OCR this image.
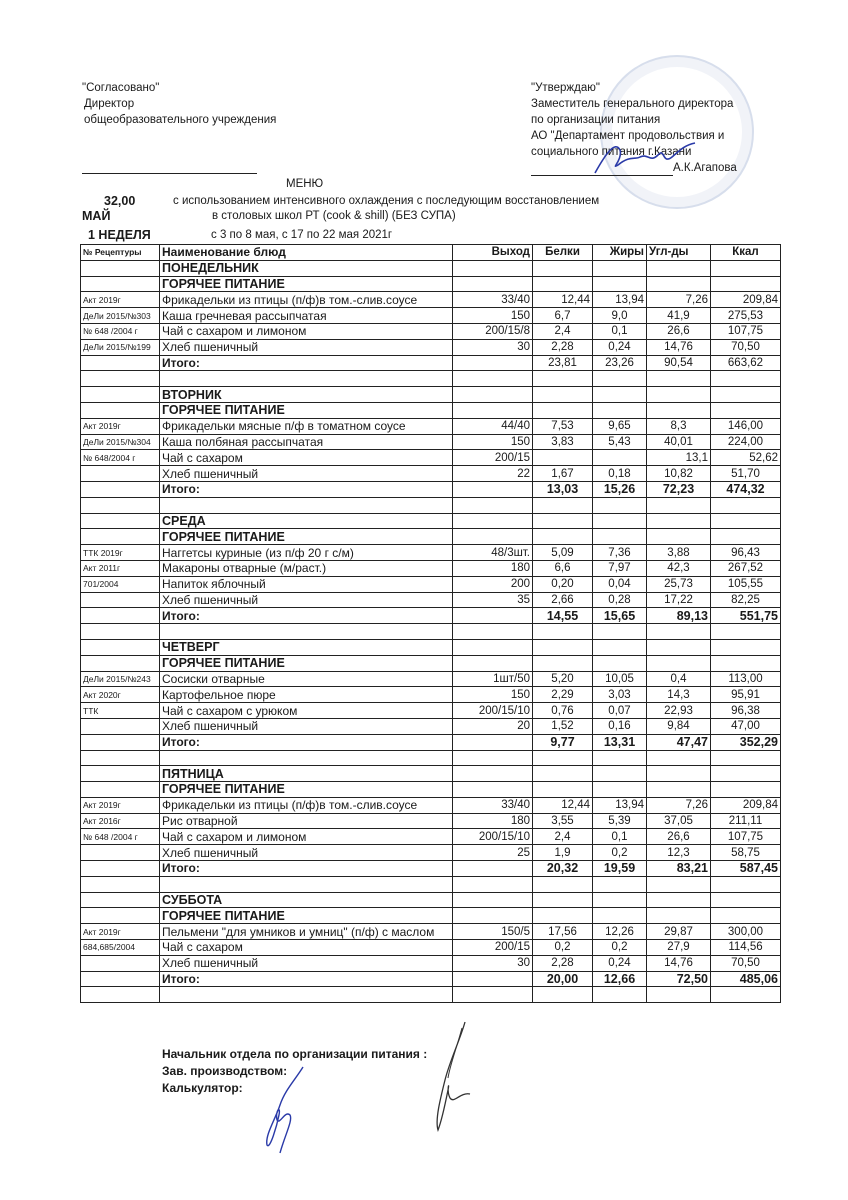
"Согласовано"
Директор
общеобразовательного учреждения
"Утверждаю"
Заместитель генерального директора
по организации питания
АО "Департамент продовольствия и
социального питания г.Казани
А.К.Агапова
МЕНЮ
32,00	с использованием интенсивного охлаждения с последующим восстановлением
МАЙ	в столовых школ РТ (cook & shill) (БЕЗ СУПА)
1 НЕДЕЛЯ	с 3 по 8 мая, с 17 по 22 мая 2021г
№ Рецептуры	Наименование блюд	Выход	Белки	Жиры	Угл-ды	Ккал
	ПОНЕДЕЛЬНИК					
	ГОРЯЧЕЕ ПИТАНИЕ					
Акт 2019г	Фрикадельки из птицы (п/ф)в том.-слив.соусе	33/40	12,44	13,94	7,26	209,84
ДеЛи 2015/№303	Каша гречневая рассыпчатая	150	6,7	9,0	41,9	275,53
№ 648 /2004 г	Чай с сахаром и лимоном	200/15/8	2,4	0,1	26,6	107,75
ДеЛи 2015/№199	Хлеб пшеничный	30	2,28	0,24	14,76	70,50
	Итого:		23,81	23,26	90,54	663,62

	ВТОРНИК					
	ГОРЯЧЕЕ ПИТАНИЕ					
Акт 2019г	Фрикадельки мясные п/ф в томатном соусе	44/40	7,53	9,65	8,3	146,00
ДеЛи 2015/№304	Каша полбяная рассыпчатая	150	3,83	5,43	40,01	224,00
№ 648/2004 г	Чай с сахаром	200/15			13,1	52,62
	Хлеб пшеничный	22	1,67	0,18	10,82	51,70
	Итого:		13,03	15,26	72,23	474,32

	СРЕДА					
	ГОРЯЧЕЕ ПИТАНИЕ					
ТТК 2019г	Наггетсы куриные (из п/ф 20 г с/м)	48/3шт.	5,09	7,36	3,88	96,43
Акт 2011г	Макароны отварные (м/раст.)	180	6,6	7,97	42,3	267,52
701/2004	Напиток яблочный	200	0,20	0,04	25,73	105,55
	Хлеб пшеничный	35	2,66	0,28	17,22	82,25
	Итого:		14,55	15,65	89,13	551,75

	ЧЕТВЕРГ					
	ГОРЯЧЕЕ ПИТАНИЕ					
ДеЛи 2015/№243	Сосиски отварные	1шт/50	5,20	10,05	0,4	113,00
Акт 2020г	Картофельное пюре	150	2,29	3,03	14,3	95,91
ТТК	Чай с сахаром с урюком	200/15/10	0,76	0,07	22,93	96,38
	Хлеб пшеничный	20	1,52	0,16	9,84	47,00
	Итого:		9,77	13,31	47,47	352,29

	ПЯТНИЦА					
	ГОРЯЧЕЕ ПИТАНИЕ					
Акт 2019г	Фрикадельки из птицы (п/ф)в том.-слив.соусе	33/40	12,44	13,94	7,26	209,84
Акт 2016г	Рис отварной	180	3,55	5,39	37,05	211,11
№ 648 /2004 г	Чай с сахаром и лимоном	200/15/10	2,4	0,1	26,6	107,75
	Хлеб пшеничный	25	1,9	0,2	12,3	58,75
	Итого:		20,32	19,59	83,21	587,45

	СУББОТА					
	ГОРЯЧЕЕ ПИТАНИЕ					
Акт 2019г	Пельмени "для умников и умниц" (п/ф) с маслом	150/5	17,56	12,26	29,87	300,00
684,685/2004	Чай с сахаром	200/15	0,2	0,2	27,9	114,56
	Хлеб пшеничный	30	2,28	0,24	14,76	70,50
	Итого:		20,00	12,66	72,50	485,06

Начальник отдела по организации питания :
Зав. производством:
Калькулятор:
